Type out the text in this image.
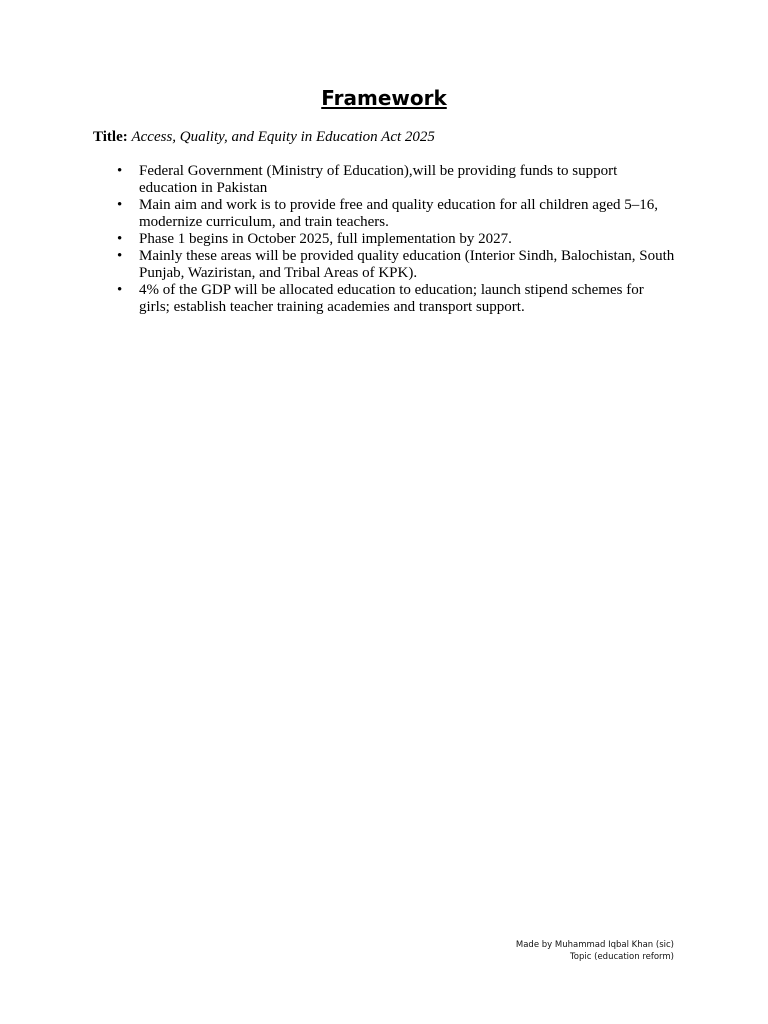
Framework
Title: Access, Quality, and Equity in Education Act 2025
•	Federal Government (Ministry of Education),will be providing funds to support education in Pakistan
•	Main aim and work is to provide free and quality education for all children aged 5–16, modernize curriculum, and train teachers.
•	Phase 1 begins in October 2025, full implementation by 2027.
•	Mainly these areas will be provided quality education (Interior Sindh, Balochistan, South Punjab, Waziristan, and Tribal Areas of KPK).
•	4% of the GDP will be allocated education to education; launch stipend schemes for girls; establish teacher training academies and transport support.
Made by Muhammad Iqbal Khan (sic)
Topic (education reform)
